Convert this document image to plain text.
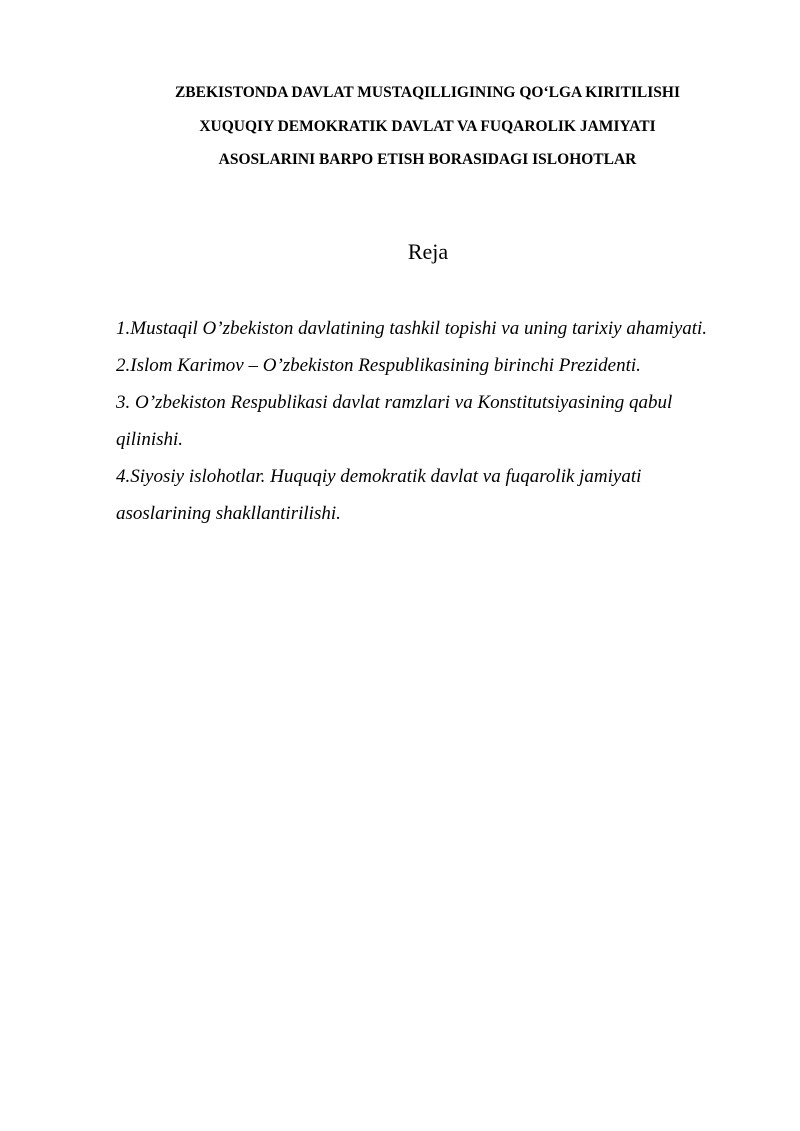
ZBEKISTONDA DAVLAT MUSTAQILLIGINING QO‘LGA KIRITILISHI
XUQUQIY DEMOKRATIK DAVLAT VA FUQAROLIK JAMIYATI
ASOSLARINI BARPO ETISH BORASIDAGI ISLOHOTLAR
Reja
1.Mustaqil O’zbekiston davlatining tashkil topishi va uning tarixiy ahamiyati.
2.Islom Karimov – O’zbekiston Respublikasining birinchi Prezidenti.
3. O’zbekiston Respublikasi davlat ramzlari va Konstitutsiyasining qabul qilinishi.
4.Siyosiy islohotlar. Huquqiy demokratik davlat va fuqarolik jamiyati asoslarining shakllantirilishi.
